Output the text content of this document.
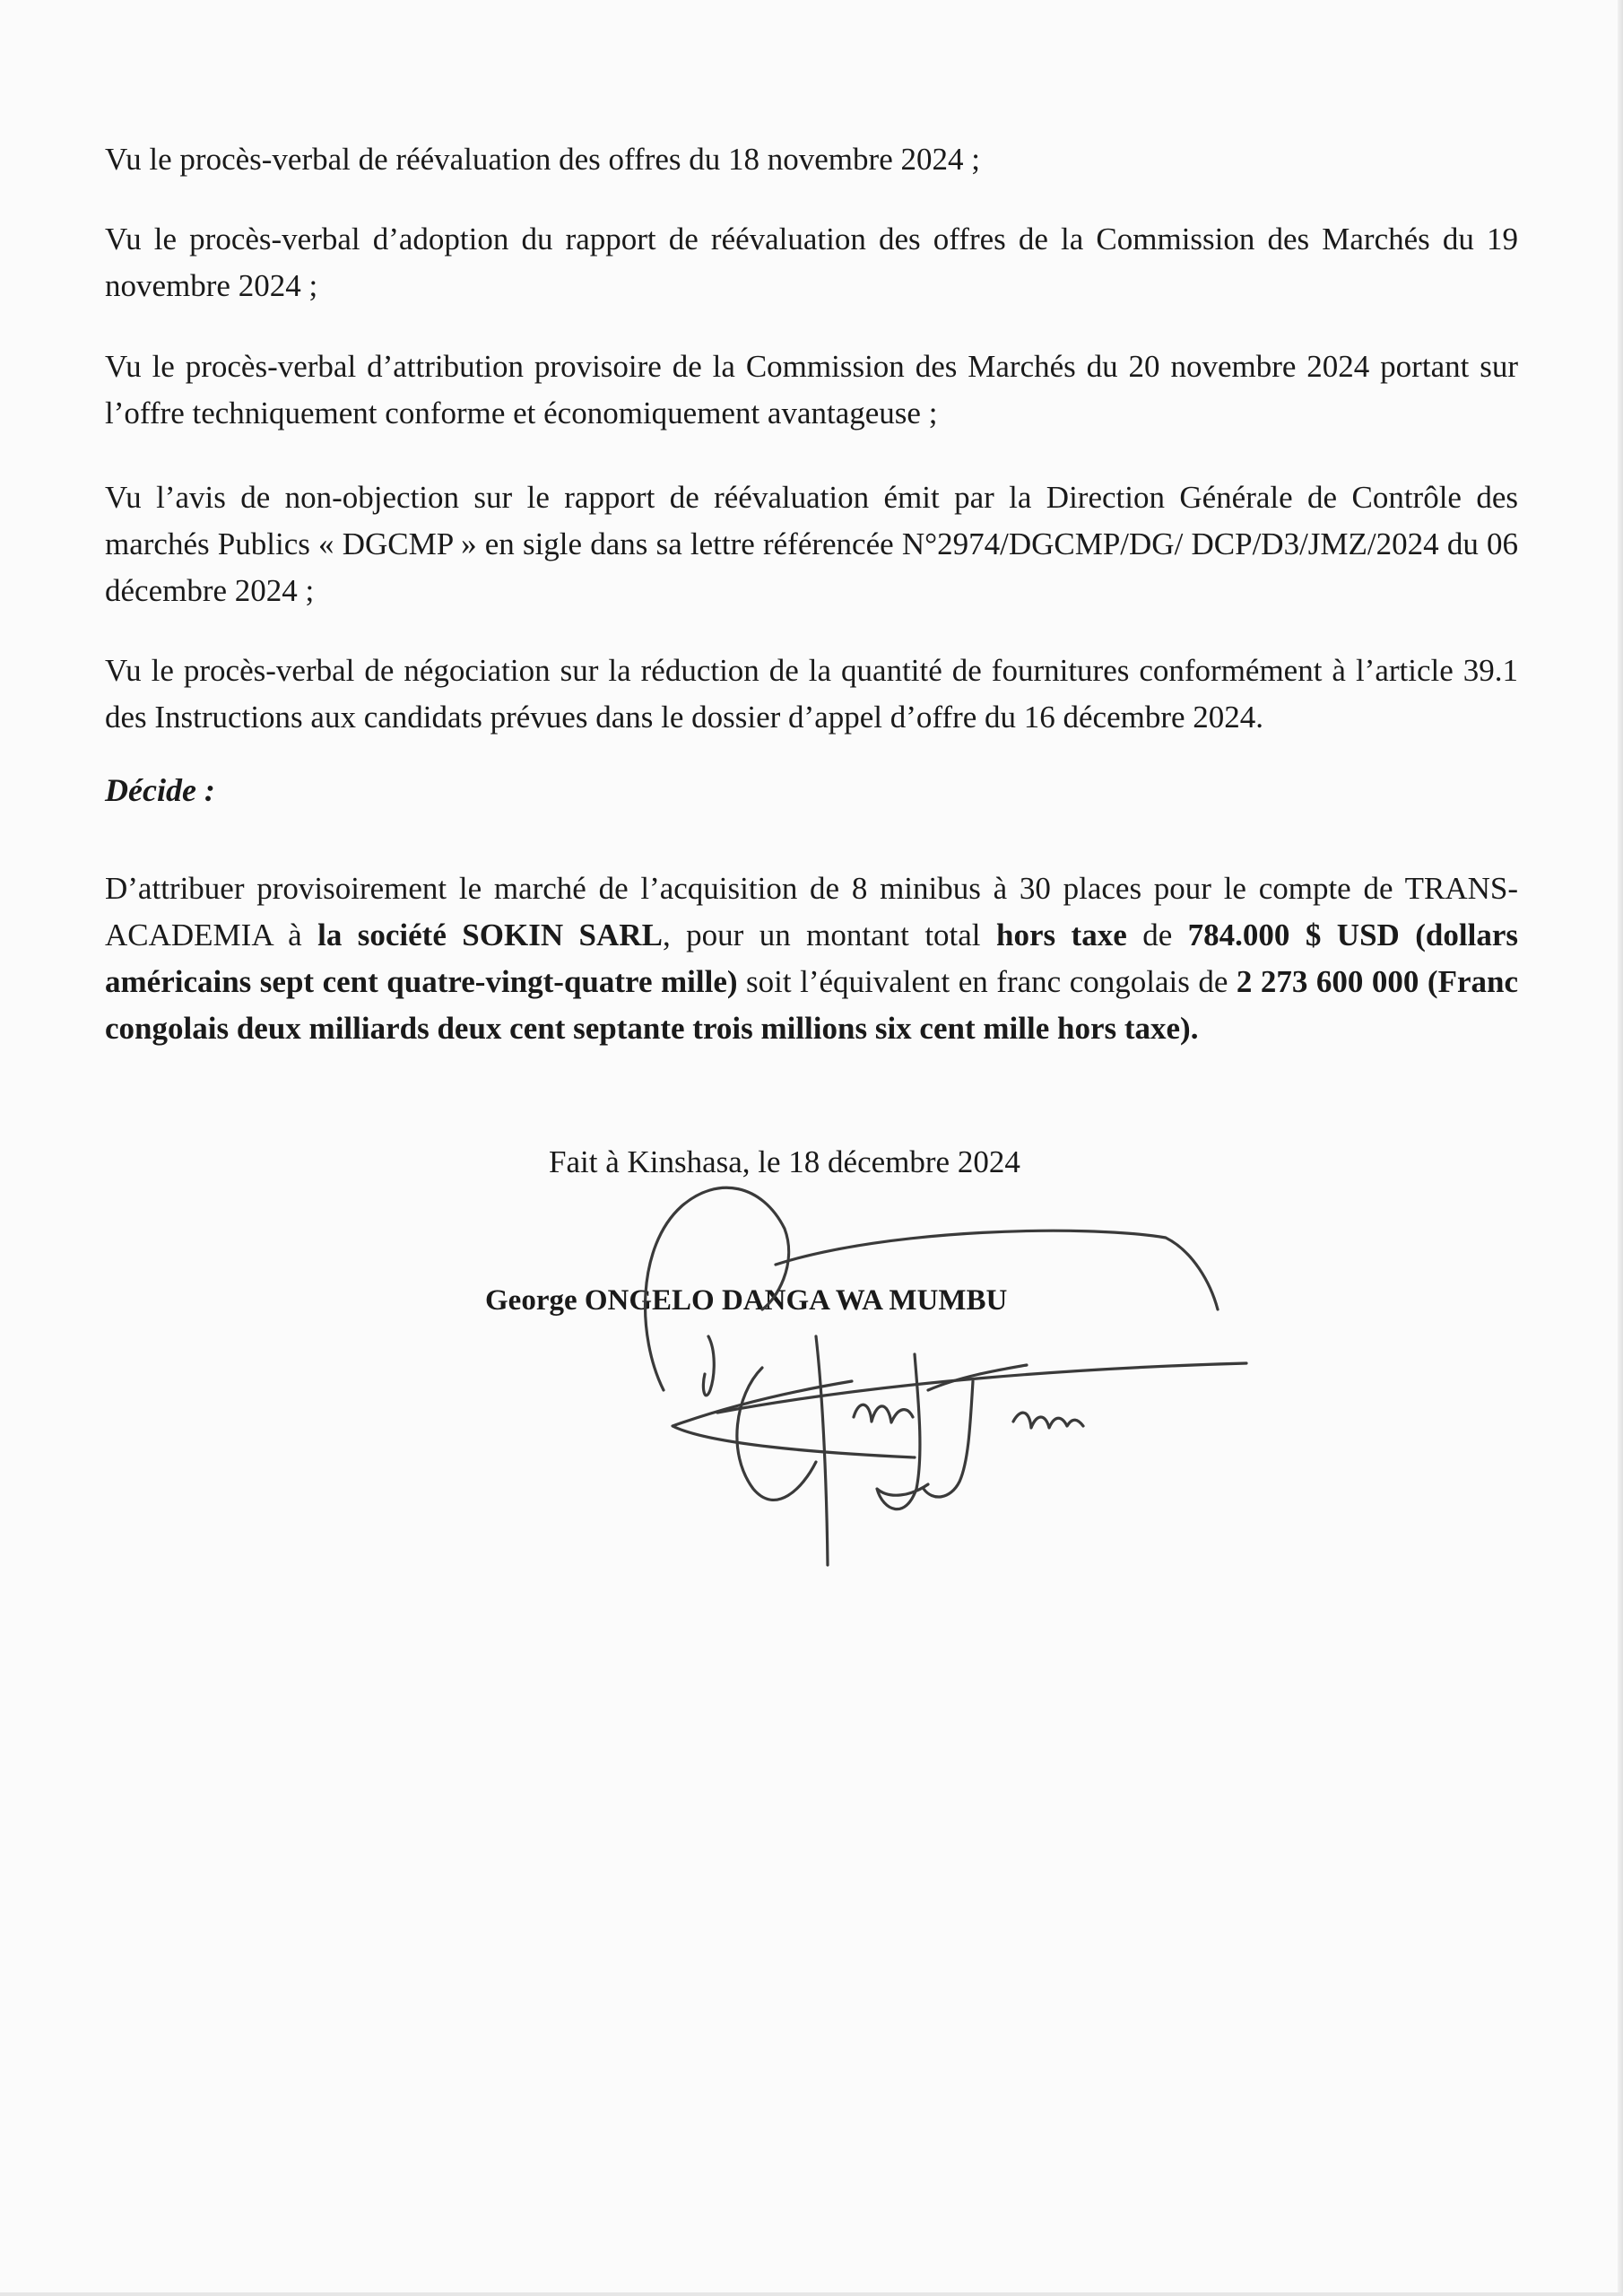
Vu le procès-verbal de réévaluation des offres du 18 novembre 2024 ;

Vu le procès-verbal d’adoption du rapport de réévaluation des offres de la Commission des Marchés du 19 novembre 2024 ;

Vu le procès-verbal d’attribution provisoire de la Commission des Marchés du 20 novembre 2024 portant sur l’offre techniquement conforme et économiquement avantageuse ;

Vu l’avis de non-objection sur le rapport de réévaluation émit par la Direction Générale de Contrôle des marchés Publics « DGCMP » en sigle dans sa lettre référencée N°2974/DGCMP/DG/ DCP/D3/JMZ/2024 du 06 décembre 2024 ;

Vu le procès-verbal de négociation sur la réduction de la quantité de fournitures conformément à l’article 39.1 des Instructions aux candidats prévues dans le dossier d’appel d’offre du 16 décembre 2024.

Décide :

D’attribuer provisoirement le marché de l’acquisition de 8 minibus à 30 places pour le compte de TRANS-ACADEMIA à la société SOKIN SARL, pour un montant total hors taxe de 784.000 $ USD (dollars américains sept cent quatre-vingt-quatre mille) soit l’équivalent en franc congolais de 2 273 600 000 (Franc congolais deux milliards deux cent septante trois millions six cent mille hors taxe).

Fait à Kinshasa, le 18 décembre 2024

George ONGELO DANGA WA MUMBU
